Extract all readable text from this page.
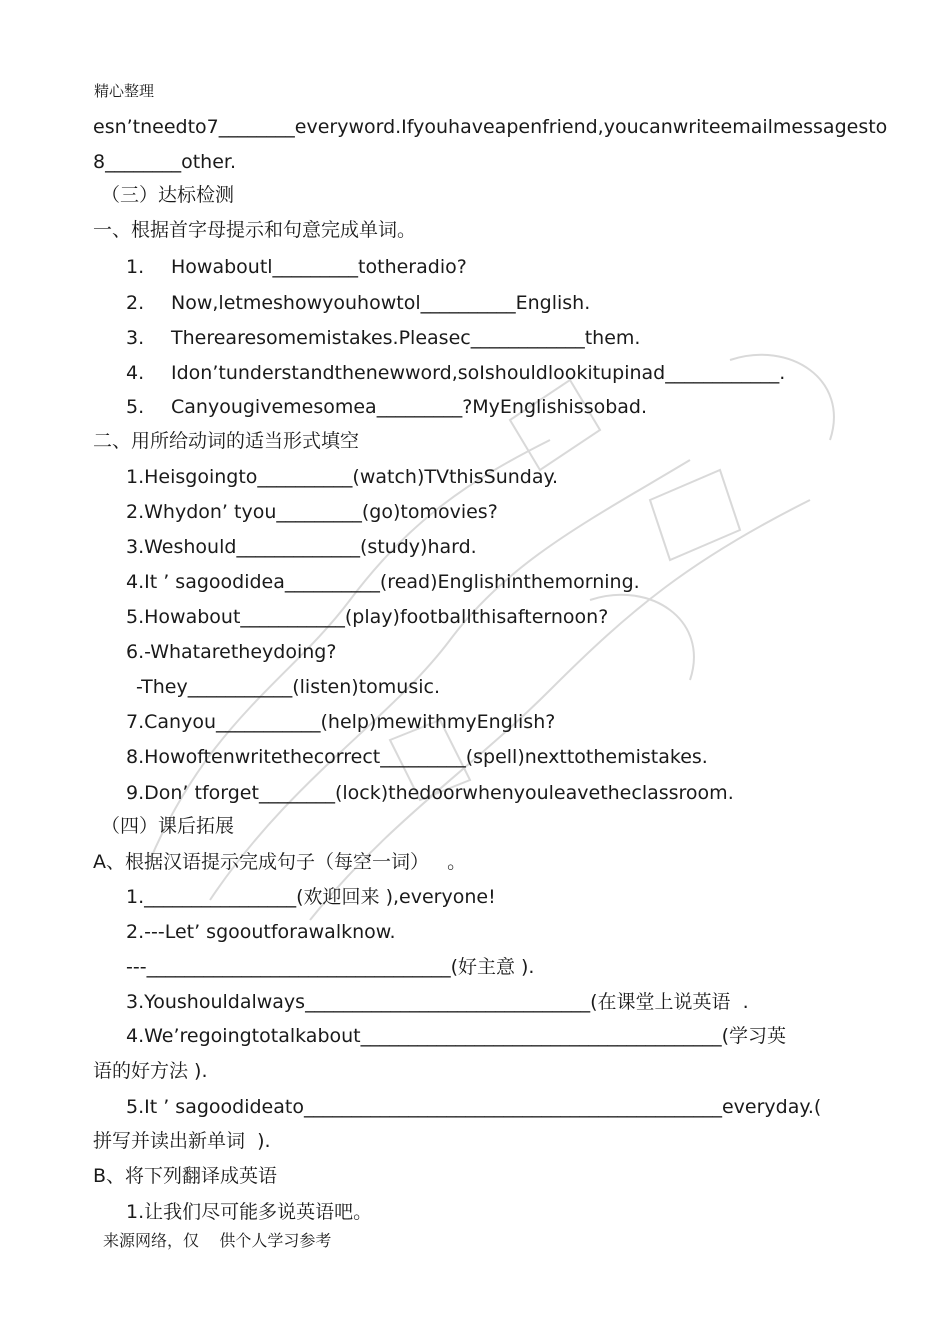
精心整理
esn’tneedto7________everyword.Ifyouhaveapenfriend,youcanwriteemailmessagesto
8________other.
（三）达标检测
一、根据首字母提示和句意完成单词。
1. Howaboutl_________totheradio?
2. Now,letmeshowyouhowtol__________English.
3. Therearesomemistakes.Pleasec____________them.
4. Idon’tunderstandthenewword,soIshouldlookitupinad____________.
5. Canyougivemesomea_________?MyEnglishissobad.
二、用所给动词的适当形式填空
1.Heisgoingto__________(watch)TVthisSunday.
2.Whydon’ tyou_________(go)tomovies?
3.Weshould_____________(study)hard.
4.It ’ sagoodidea__________(read)Englishinthemorning.
5.Howabout___________(play)footballthisafternoon?
6.-Whataretheydoing?
-They___________(listen)tomusic.
7.Canyou___________(help)mewithmyEnglish?
8.Howoftenwritethecorrect_________(spell)nexttothemistakes.
9.Don’ tforget________(lock)thedoorwhenyouleavetheclassroom.
（四）课后拓展
A、根据汉语提示完成句子（每空一词）   。
1.________________(欢迎回来 ),everyone!
2.---Let’ sgooutforawalknow.
---________________________________(好主意 ).
3.Youshouldalways______________________________(在课堂上说英语  .
4.We’regoingtotalkabout______________________________________(学习英
语的好方法 ).
5.It ’ sagoodideato____________________________________________everyday.(
拼写并读出新单词  ).
B、将下列翻译成英语
1.让我们尽可能多说英语吧。
来源网络，仅    供个人学习参考
